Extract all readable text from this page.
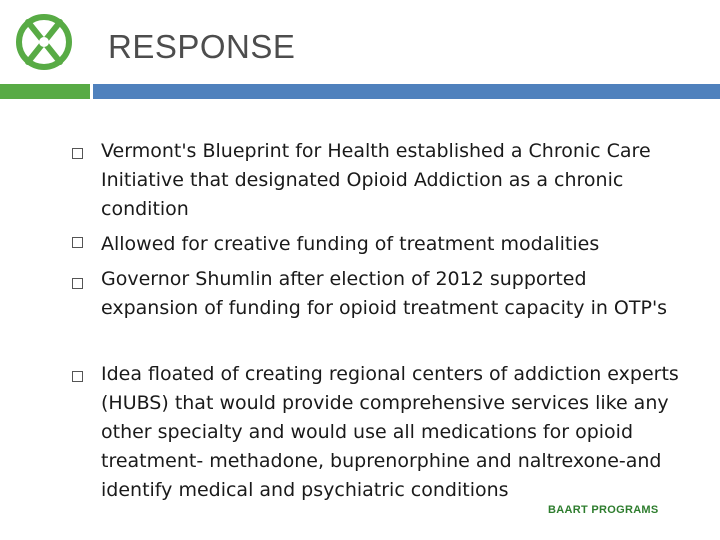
RESPONSE
Vermont's Blueprint for Health established a Chronic Care Initiative that designated Opioid Addiction as a chronic condition
Allowed for creative funding of treatment modalities
Governor Shumlin after election of 2012 supported expansion of funding for opioid treatment capacity in OTP's
Idea floated of creating regional centers of addiction experts (HUBS) that would provide comprehensive services like any other specialty and would use all medications for opioid treatment- methadone, buprenorphine and naltrexone-and identify medical and psychiatric conditions
BAART PROGRAMS
